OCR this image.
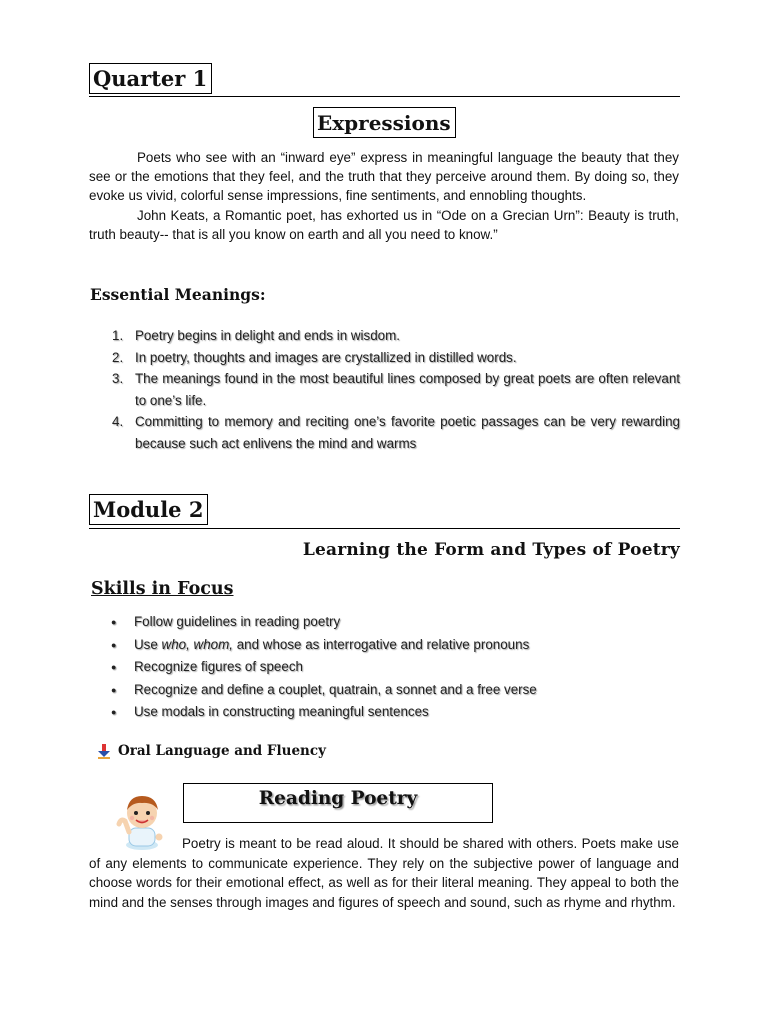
Quarter 1
Expressions

Poets who see with an “inward eye” express in meaningful language the beauty that they see or the emotions that they feel, and the truth that they perceive around them. By doing so, they evoke us vivid, colorful sense impressions, fine sentiments, and ennobling thoughts.

John Keats, a Romantic poet, has exhorted us in “Ode on a Grecian Urn”: Beauty is truth, truth beauty-- that is all you know on earth and all you need to know.”

Essential Meanings:
1. Poetry begins in delight and ends in wisdom.
2. In poetry, thoughts and images are crystallized in distilled words.
3. The meanings found in the most beautiful lines composed by great poets are often relevant to one’s life.
4. Committing to memory and reciting one’s favorite poetic passages can be very rewarding because such act enlivens the mind and warms
Module 2
Learning the Form and Types of Poetry
Skills in Focus
●	Follow guidelines in reading poetry
●	Use who, whom, and whose as interrogative and relative pronouns
●	Recognize figures of speech
●	Recognize and define a couplet, quatrain, a sonnet and a free verse
●	Use modals in constructing meaningful sentences
Oral Language and Fluency
Reading Poetry

Poetry is meant to be read aloud. It should be shared with others. Poets make use of any elements to communicate experience. They rely on the subjective power of language and choose words for their emotional effect, as well as for their literal meaning. They appeal to both the mind and the senses through images and figures of speech and sound, such as rhyme and rhythm.
